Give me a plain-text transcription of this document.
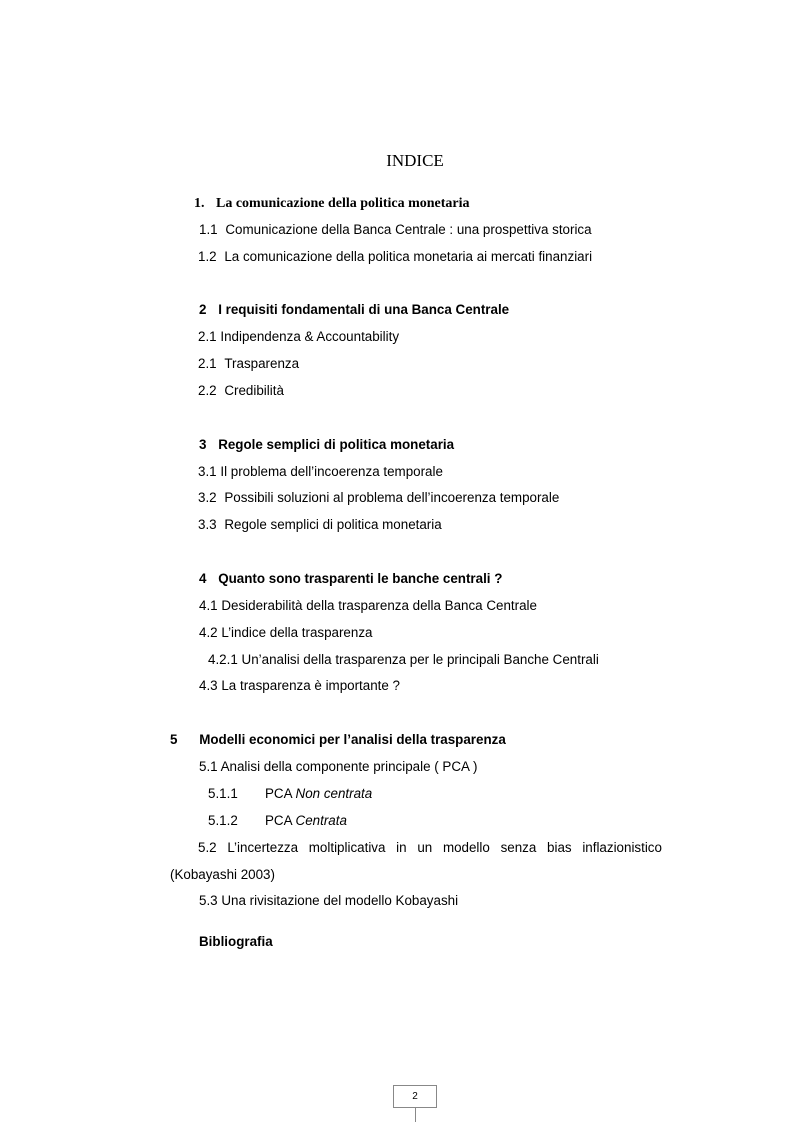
INDICE
1. La comunicazione della politica monetaria
1.1 Comunicazione della Banca Centrale : una prospettiva storica
1.2 La comunicazione della politica monetaria ai mercati finanziari
2 I requisiti fondamentali di una Banca Centrale
2.1 Indipendenza & Accountability
2.1 Trasparenza
2.2 Credibilità
3 Regole semplici di politica monetaria
3.1 Il problema dell’incoerenza temporale
3.2 Possibili soluzioni al problema dell’incoerenza temporale
3.3 Regole semplici di politica monetaria
4 Quanto sono trasparenti le banche centrali ?
4.1 Desiderabilità della trasparenza della Banca Centrale
4.2 L’indice della trasparenza
4.2.1 Un’analisi della trasparenza per le principali Banche Centrali
4.3 La trasparenza è importante ?
5 Modelli economici per l’analisi della trasparenza
5.1 Analisi della componente principale ( PCA )
5.1.1 PCA Non centrata
5.1.2 PCA Centrata
5.2 L’incertezza moltiplicativa in un modello senza bias inflazionistico
(Kobayashi 2003)
5.3 Una rivisitazione del modello Kobayashi
Bibliografia
2
